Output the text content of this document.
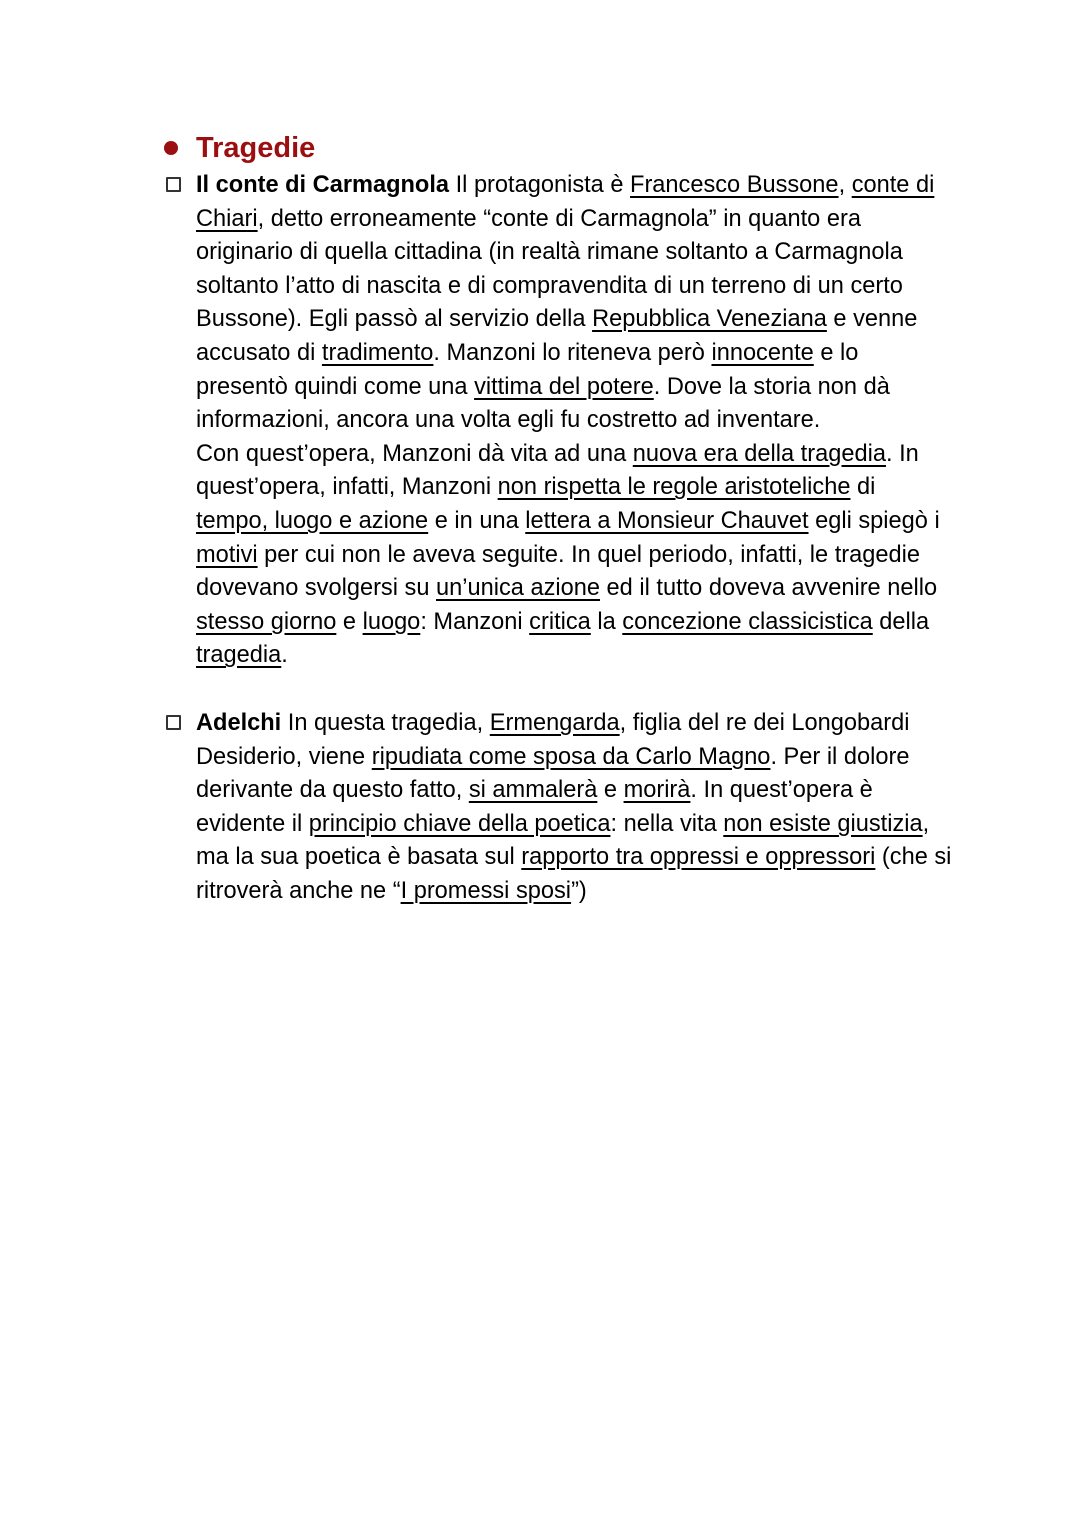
Tragedie

Il conte di Carmagnola Il protagonista è Francesco Bussone, conte di Chiari, detto erroneamente “conte di Carmagnola” in quanto era originario di quella cittadina (in realtà rimane soltanto a Carmagnola soltanto l’atto di nascita e di compravendita di un terreno di un certo Bussone). Egli passò al servizio della Repubblica Veneziana e venne accusato di tradimento. Manzoni lo riteneva però innocente e lo presentò quindi come una vittima del potere. Dove la storia non dà informazioni, ancora una volta egli fu costretto ad inventare.

Con quest’opera, Manzoni dà vita ad una nuova era della tragedia. In quest’opera, infatti, Manzoni non rispetta le regole aristoteliche di tempo, luogo e azione e in una lettera a Monsieur Chauvet egli spiegò i motivi per cui non le aveva seguite. In quel periodo, infatti, le tragedie dovevano svolgersi su un’unica azione ed il tutto doveva avvenire nello stesso giorno e luogo: Manzoni critica la concezione classicistica della tragedia.

Adelchi In questa tragedia, Ermengarda, figlia del re dei Longobardi Desiderio, viene ripudiata come sposa da Carlo Magno. Per il dolore derivante da questo fatto, si ammalerà e morirà. In quest’opera è evidente il principio chiave della poetica: nella vita non esiste giustizia, ma la sua poetica è basata sul rapporto tra oppressi e oppressori (che si ritroverà anche ne “I promessi sposi”)
